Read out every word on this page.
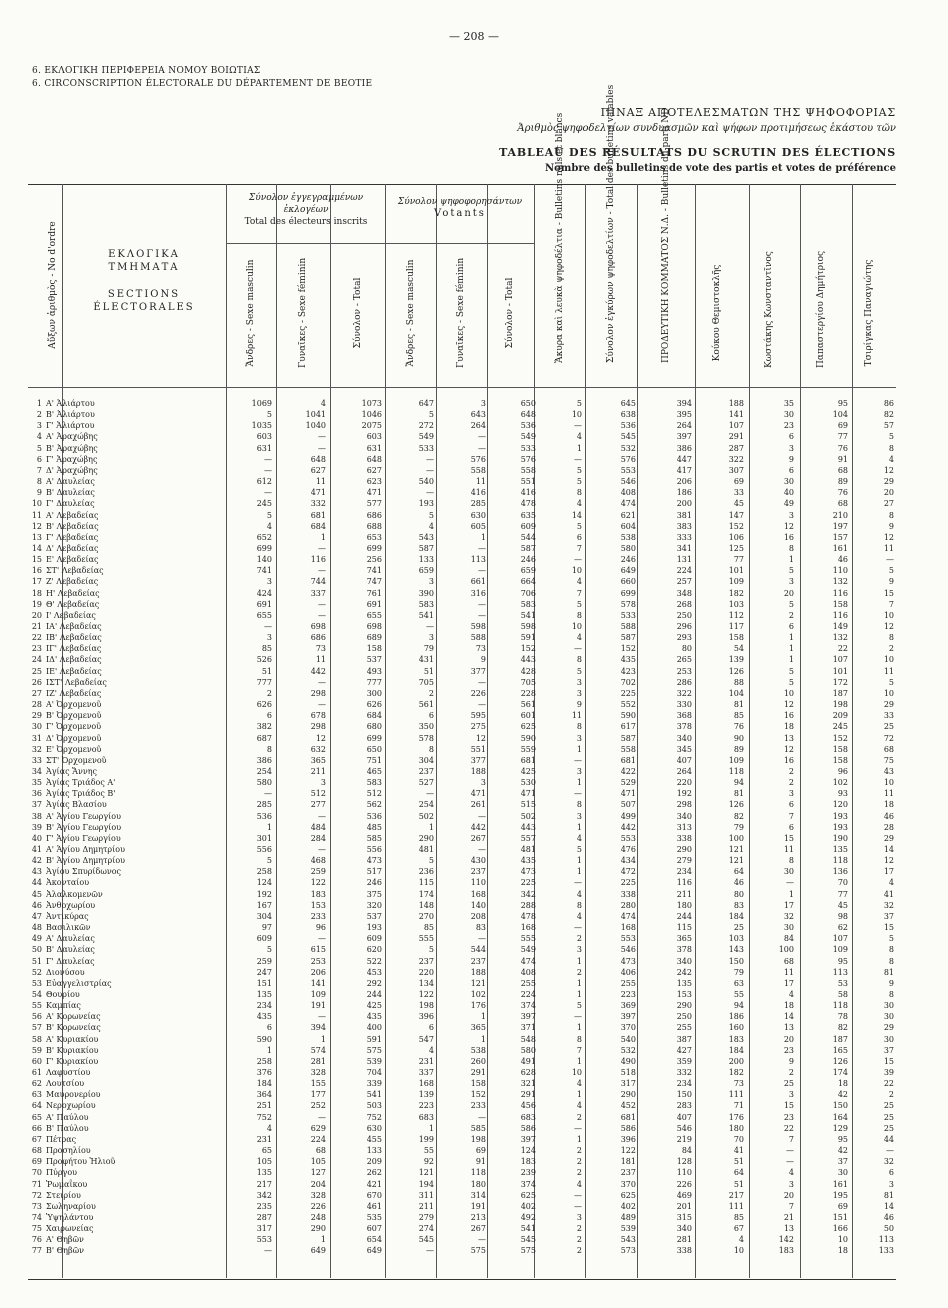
— 208 —
6. ΕΚΛΟΓΙΚΗ ΠΕΡΙΦΕΡΕΙΑ ΝΟΜΟΥ ΒΟΙΩΤΙΑΣ
6. CIRCONSCRIPTION ÉLECTORALE DU DÉPARTEMENT DE BEOTIE
ΠΙΝΑΞ ΑΠΟΤΕΛΕΣΜΑΤΩΝ ΤΗΣ ΨΗΦΟΦΟΡΙΑΣ
Ἀριθμὸς ψηφοδελτίων συνδυασμῶν καὶ ψήφων προτιμήσεως ἑκάστου τῶν
TABLEAU DES RÉSULTATS DU SCRUTIN DES ÉLECTIONS
Nombre des bulletins de vote des partis et votes de préférence
Αὔξων ἀριθμὸς - No d'ordre	ΕΚΛΟΓΙΚΑ ΤΜΗΜΑΤΑ
SECTIONS ÉLECTORALES
Σύνολον ἐγγεγραμμένων ἐκλογέων
Total des électeurs inscrits
Σύνολον ψηφοφορησάντων
Votants
Ἄνδρες - Sexe masculin	Γυναῖκες - Sexe féminin	Σύνολον - Total	Ἄνδρες - Sexe masculin	Γυναῖκες - Sexe féminin	Σύνολον - Total	Ἄκυρα καὶ λευκὰ ψηφοδέλτια - Bulletins nuls et blancs	Σύνολον ἐγκύρων ψηφοδελτίων - Total des bulletins valables	ΠΡΟΔΕΥΤΙΚΗ ΚΟΜΜΑΤΟΣ Ν.Δ. - Bulletins du parti ND	Κούκου Θεμιστοκλῆς	Κωστάκης Κωνσταντῖνος	Παπαστεργίου Δημήτριος	Τσιρίγκας Παναγιώτης
1 Α' Ἀλιάρτου	1069	4	1073	647	3	650	5	645	394	188	35	95	86
2 Β' Ἀλιάρτου	5	1041	1046	5	643	648	10	638	395	141	30	104	82
3 Γ' Ἀλιάρτου	1035	1040	2075	272	264	536	—	536	264	107	23	69	57
4 Α' Ἀραχώβης	603	—	603	549	—	549	4	545	397	291	6	77	5
5 Β' Ἀραχώβης	631	—	631	533	—	533	1	532	386	287	3	76	8
6 Γ' Ἀραχώβης	—	648	648	—	576	576	—	576	447	322	9	91	4
7 Δ' Ἀραχώβης	—	627	627	—	558	558	5	553	417	307	6	68	12
8 Α' Δαυλείας	612	11	623	540	11	551	5	546	206	69	30	89	29
9 Β' Δαυλείας	—	471	471	—	416	416	8	408	186	33	40	76	20
10 Γ' Δαυλείας	245	332	577	193	285	478	4	474	200	45	49	68	27
11 Α' Λεβαδείας	5	681	686	5	630	635	14	621	381	147	3	210	8
12 Β' Λεβαδείας	4	684	688	4	605	609	5	604	383	152	12	197	9
13 Γ' Λεβαδείας	652	1	653	543	1	544	6	538	333	106	16	157	12
14 Δ' Λεβαδείας	699	—	699	587	—	587	7	580	341	125	8	161	11
15 Ε' Λεβαδείας	140	116	256	133	113	246	—	246	131	77	1	46	—
16 ΣΤ' Λεβαδείας	741	—	741	659	—	659	10	649	224	101	5	110	5
17 Ζ' Λεβαδείας	3	744	747	3	661	664	4	660	257	109	3	132	9
18 Η' Λεβαδείας	424	337	761	390	316	706	7	699	348	182	20	116	15
19 Θ' Λεβαδείας	691	—	691	583	—	583	5	578	268	103	5	158	7
20 Ι' Λεβαδείας	655	—	655	541	—	541	8	533	250	112	2	116	10
21 ΙΑ' Λεβαδείας	—	698	698	—	598	598	10	588	296	117	6	149	12
22 ΙΒ' Λεβαδείας	3	686	689	3	588	591	4	587	293	158	1	132	8
23 ΙΓ' Λεβαδείας	85	73	158	79	73	152	—	152	80	54	1	22	2
24 ΙΔ' Λεβαδείας	526	11	537	431	9	443	8	435	265	139	1	107	10
25 ΙΕ' Λεβαδείας	51	442	493	51	377	428	5	423	253	126	5	101	11
26 ΙΣΤ' Λεβαδείας	777	—	777	705	—	705	3	702	286	88	5	172	5
27 ΙΖ' Λεβαδείας	2	298	300	2	226	228	3	225	322	104	10	187	10
28 Α' Ὀρχομενοῦ	626	—	626	561	—	561	9	552	330	81	12	198	29
29 Β' Ὀρχομενοῦ	6	678	684	6	595	601	11	590	368	85	16	209	33
30 Γ' Ὀρχομενοῦ	382	298	680	350	275	625	8	617	378	76	18	245	25
31 Δ' Ὀρχομενοῦ	687	12	699	578	12	590	3	587	340	90	13	152	72
32 Ε' Ὀρχομενοῦ	8	632	650	8	551	559	1	558	345	89	12	158	68
33 ΣΤ' Ὀρχομενοῦ	386	365	751	304	377	681	—	681	407	109	16	158	75
34 Ἁγίας Ἄννης	254	211	465	237	188	425	3	422	264	118	2	96	43
35 Ἁγίας Τριάδος Α'	580	3	583	527	3	530	1	529	220	94	2	102	10
36 Ἁγίας Τριάδος Β'	—	512	512	—	471	471	—	471	192	81	3	93	11
37 Ἁγίας Βλασίου	285	277	562	254	261	515	8	507	298	126	6	120	18
38 Α' Ἁγίου Γεωργίου	536	—	536	502	—	502	3	499	340	82	7	193	46
39 Β' Ἁγίου Γεωργίου	1	484	485	1	442	443	1	442	313	79	6	193	28
40 Γ' Ἁγίου Γεωργίου	301	284	585	290	267	557	4	553	338	100	15	190	29
41 Α' Ἁγίου Δημητρίου	556	—	556	481	—	481	5	476	290	121	11	135	14
42 Β' Ἁγίου Δημητρίου	5	468	473	5	430	435	1	434	279	121	8	118	12
43 Ἁγίου Σπυρίδωνος	258	259	517	236	237	473	1	472	234	64	30	136	17
44 Ἀκονταίου	124	122	246	115	110	225	—	225	116	46	—	70	4
45 Ἀλαλκομενῶν	192	183	375	174	168	342	4	338	211	80	1	77	41
46 Ἀνθοχωρίου	167	153	320	148	140	288	8	280	180	83	17	45	32
47 Ἀντικύρας	304	233	537	270	208	478	4	474	244	184	32	98	37
48 Βασιλικῶν	97	96	193	85	83	168	—	168	115	25	30	62	15
49 Α' Δαυλείας	609	—	609	555	—	555	2	553	365	103	84	107	5
50 Β' Δαυλείας	5	615	620	5	544	549	3	546	378	143	100	109	8
51 Γ' Δαυλείας	259	253	522	237	237	474	1	473	340	150	68	95	8
52 Διονύσου	247	206	453	220	188	408	2	406	242	79	11	113	81
53 Εὐαγγελιστρίας	151	141	292	134	121	255	1	255	135	63	17	53	9
54 Θουρίου	135	109	244	122	102	224	1	223	153	55	4	58	8
55 Καμπίας	234	191	425	198	176	374	5	369	290	94	18	118	30
56 Α' Κορωνείας	435	—	435	396	1	397	—	397	250	186	14	78	30
57 Β' Κορωνείας	6	394	400	6	365	371	1	370	255	160	13	82	29
58 Α' Κυριακίου	590	1	591	547	1	548	8	540	387	183	20	187	30
59 Β' Κυριακίου	1	574	575	4	538	580	7	532	427	184	23	165	37
60 Γ' Κυριακίου	258	281	539	231	260	491	1	490	359	200	9	126	15
61 Λαφυστίου	376	328	704	337	291	628	10	518	332	182	2	174	39
62 Λουτσίου	184	155	339	168	158	321	4	317	234	73	25	18	22
63 Μαυρονερίου	364	177	541	139	152	291	1	290	150	111	3	42	2
64 Νεροχωρίου	251	252	503	223	233	456	4	452	283	71	15	150	25
65 Α' Παύλου	752	—	752	683	—	683	2	681	407	176	23	164	25
66 Β' Παύλου	4	629	630	1	585	586	—	586	546	180	22	129	25
67 Πέτρας	231	224	455	199	198	397	1	396	219	70	7	95	44
68 Προσηλίου	65	68	133	55	69	124	2	122	84	41	—	42	—
69 Προφήτου Ἠλιοῦ	105	105	209	92	91	183	2	181	128	51	—	37	32
70 Πύργου	135	127	262	121	118	239	2	237	110	64	4	30	6
71 Ῥωμαΐκου	217	204	421	194	180	374	4	370	226	51	3	161	3
72 Στειρίου	342	328	670	311	314	625	—	625	469	217	20	195	81
73 Σωληναρίου	235	226	461	211	191	402	—	402	201	111	7	69	14
74 Ὑψηλάντου	287	248	535	279	213	492	3	489	315	85	21	151	46
75 Χαιρωνείας	317	290	607	274	267	541	2	539	340	67	13	166	50
76 Α' Θηβῶν	553	1	654	545	—	545	2	543	281	4	142	10	113
77 Β' Θηβῶν	—	649	649	—	575	575	2	573	338	10	183	18	133
